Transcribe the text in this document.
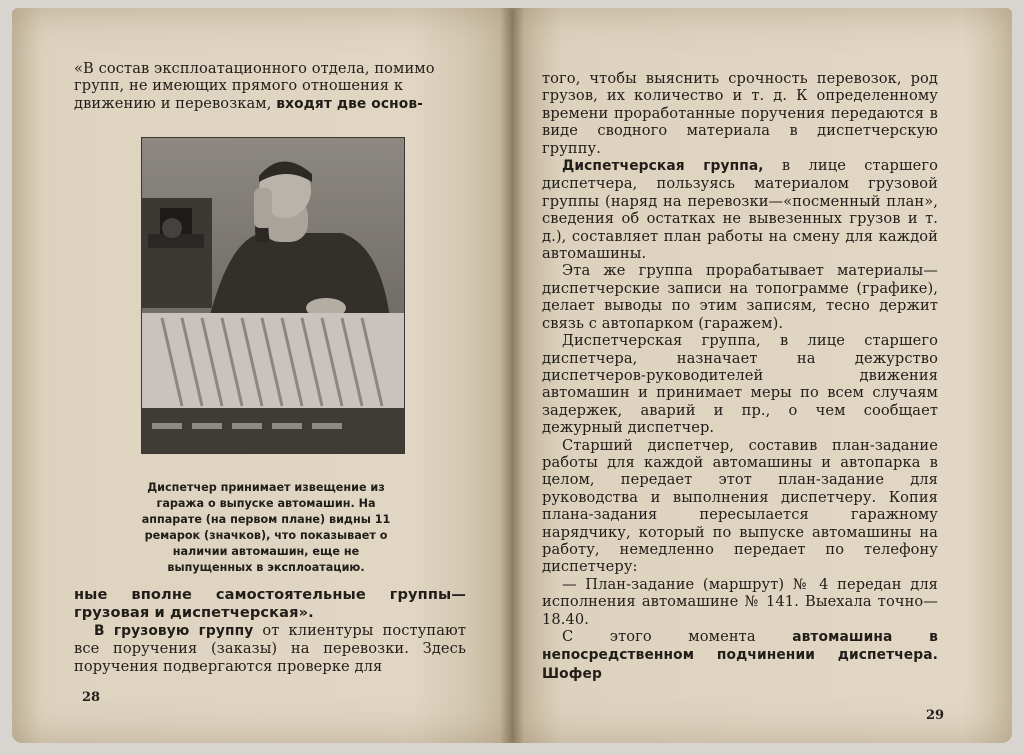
«В состав эксплоатационного отдела, помимо

групп, не имеющих прямого отношения к

движению и перевозкам, входят две основ-

Диспетчер принимает извещение из гаража о выпуске автомашин. На аппарате (на первом плане) видны 11 ремарок (значков), что показывает о наличии автомашин, еще не выпущенных в эксплоатацию.

ные вполне самостоятельные группы—грузовая и диспетчерская».

В грузовую группу от клиентуры поступают все поручения (заказы) на перевозки. Здесь поручения подвергаются проверке для

28

того, чтобы выяснить срочность перевозок, род грузов, их количество и т. д. К определенному времени проработанные поручения передаются в виде сводного материала в диспетчерскую группу.

Диспетчерская группа, в лице старшего диспетчера, пользуясь материалом грузовой группы (наряд на перевозки—«посменный план», сведения об остатках не вывезенных грузов и т. д.), составляет план работы на смену для каждой автомашины.

Эта же группа прорабатывает материалы—диспетчерские записи на топограмме (графике), делает выводы по этим записям, тесно держит связь с автопарком (гаражем).

Диспетчерская группа, в лице старшего диспетчера, назначает на дежурство диспетчеров-руководителей движения автомашин и принимает меры по всем случаям задержек, аварий и пр., о чем сообщает дежурный диспетчер.

Старший диспетчер, составив план-задание работы для каждой автомашины и автопарка в целом, передает этот план-задание для руководства и выполнения диспетчеру. Копия плана-задания пересылается гаражному нарядчику, который по выпуске автомашины на работу, немедленно передает по телефону диспетчеру:

— План-задание (маршрут) № 4 передан для исполнения автомашине № 141. Выехала точно—18.40.

С этого момента	автомашина в непосредственном подчинении диспетчера. Шофер

29
